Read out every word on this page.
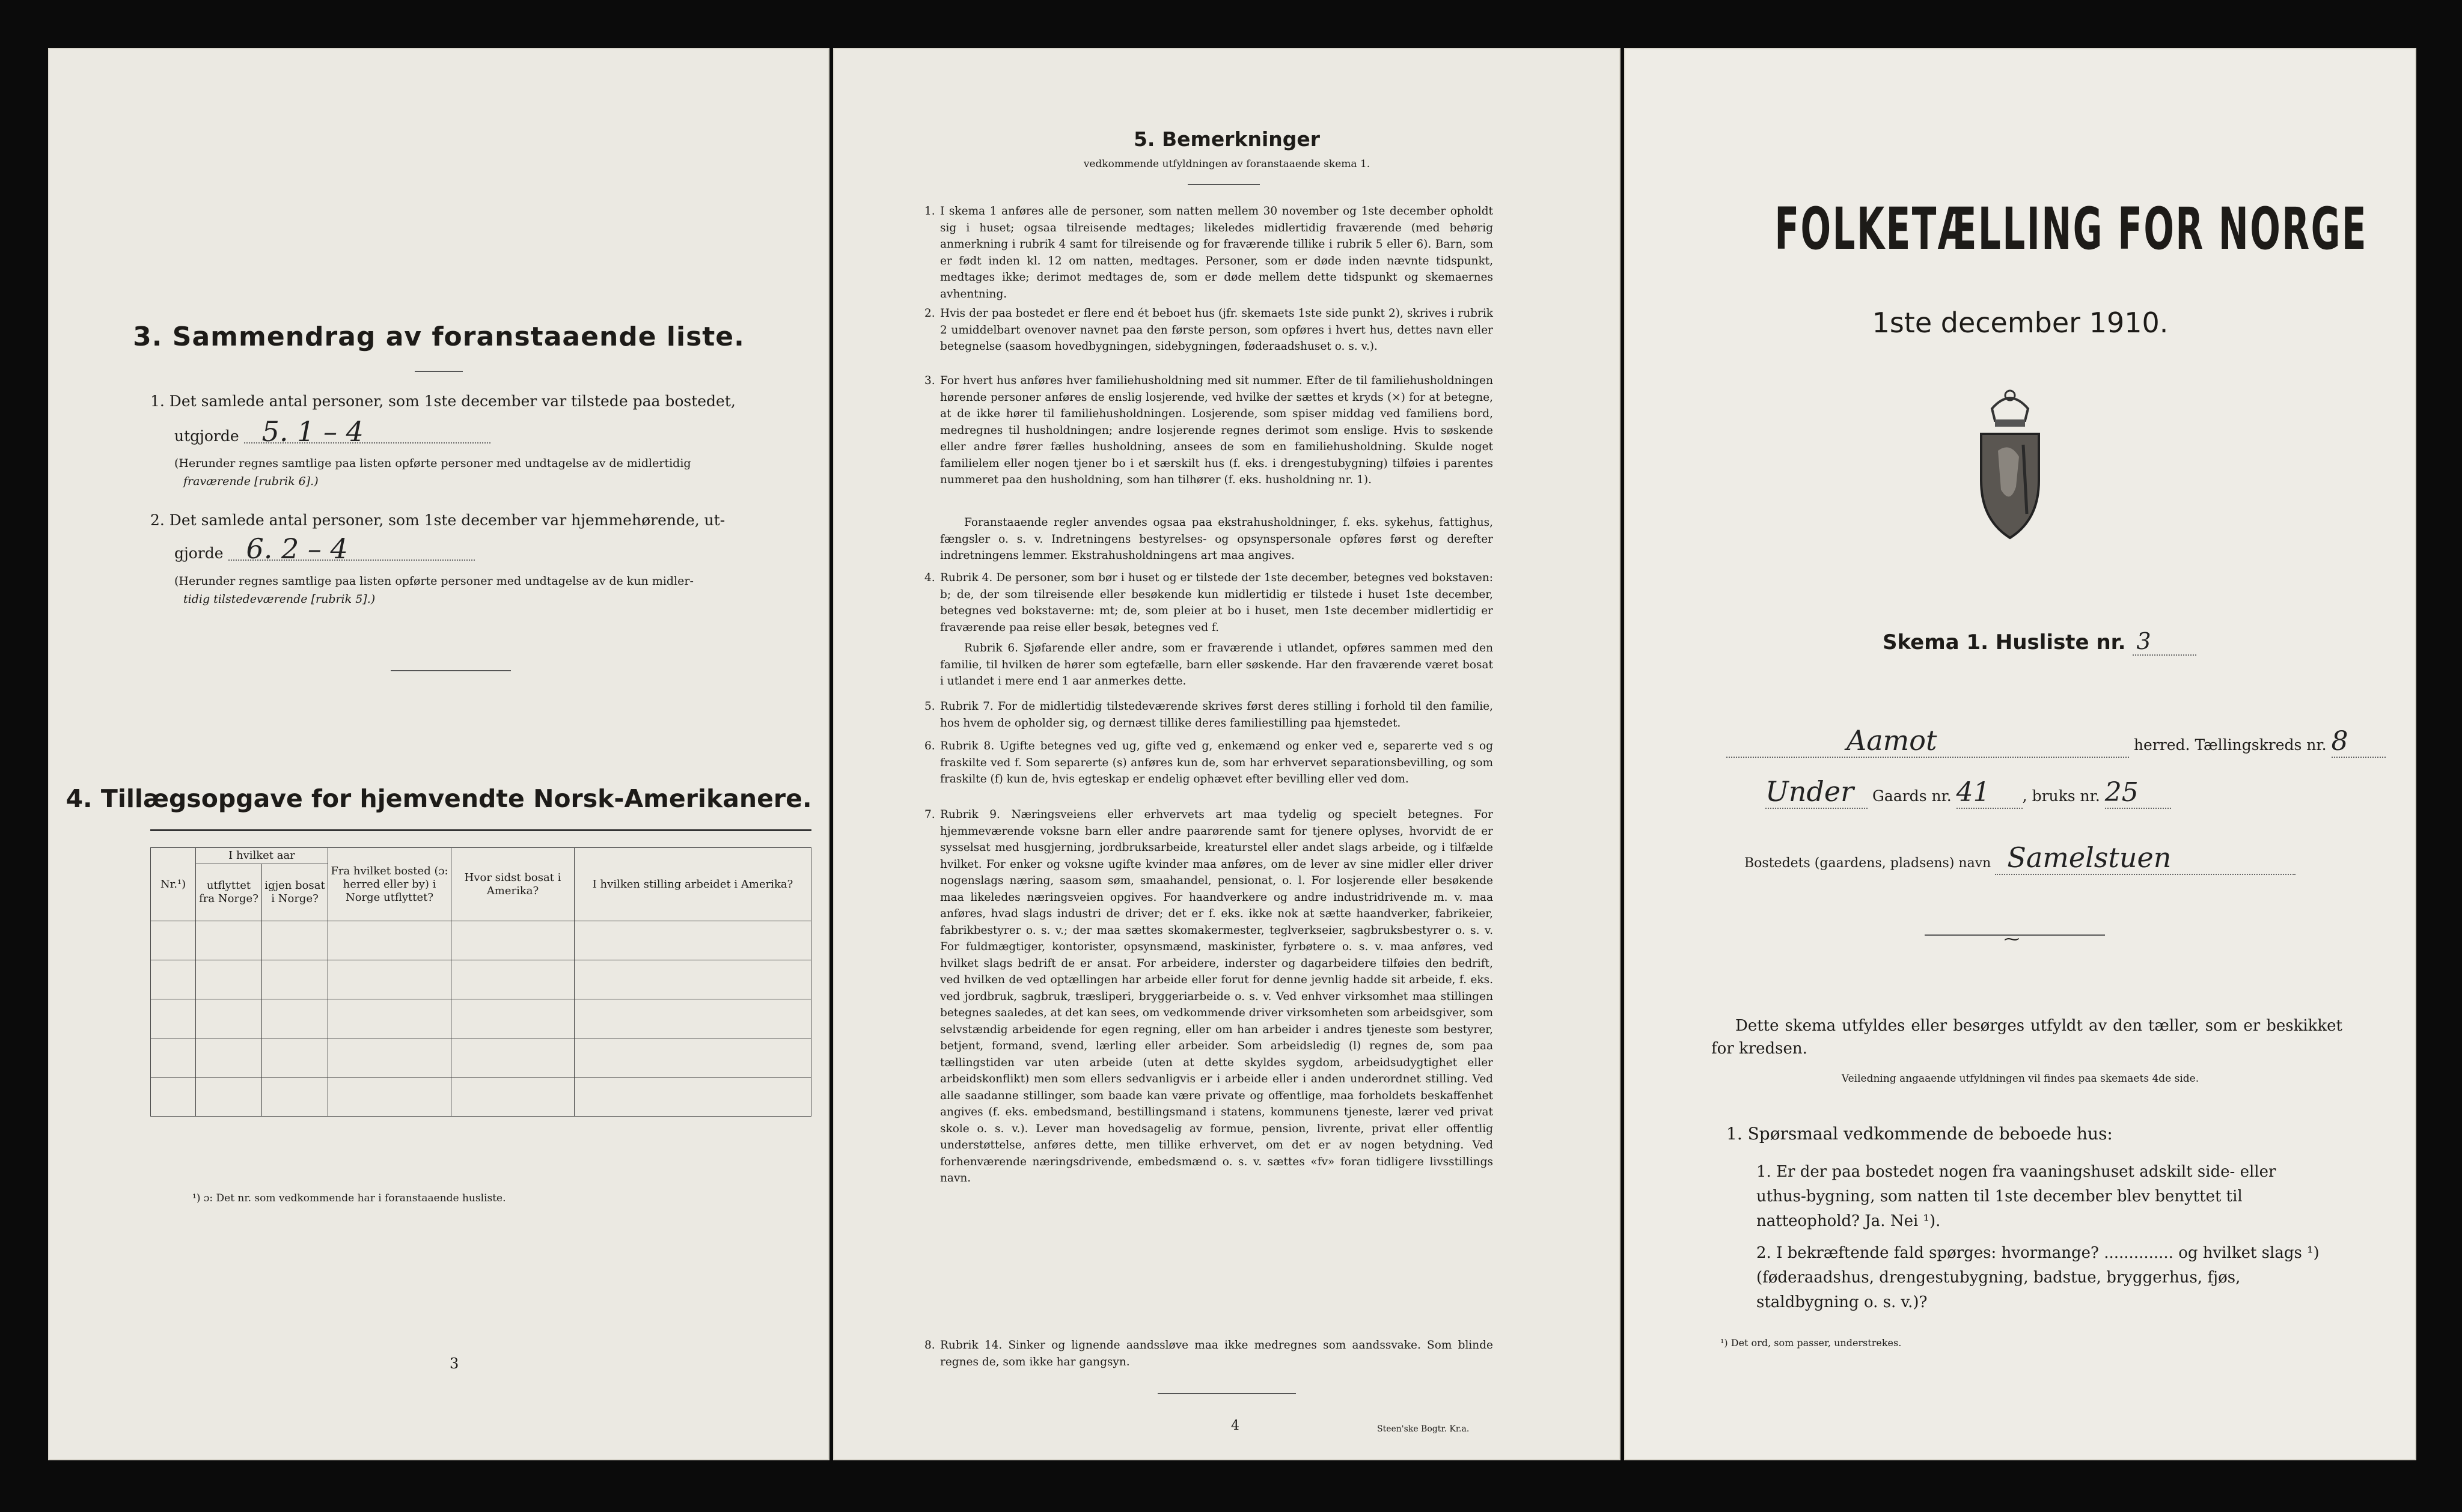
3. Sammendrag av foranstaaende liste.
1. Det samlede antal personer, som 1ste december var tilstede paa bostedet,
utgjorde 5. 1 – 4
(Herunder regnes samtlige paa listen opførte personer med undtagelse av de midlertidig
fraværende [rubrik 6].)
2. Det samlede antal personer, som 1ste december var hjemmehørende, ut-
gjorde 6. 2 – 4
(Herunder regnes samtlige paa listen opførte personer med undtagelse av de kun midler-
tidig tilstedeværende [rubrik 5].)
4. Tillægsopgave for hjemvendte Norsk-Amerikanere.
Nr.¹)	I hvilket aar		Fra hvilket bosted (ɔ: herred eller by) i Norge utflyttet?	Hvor sidst bosat i Amerika?	I hvilken stilling arbeidet i Amerika?
	utflyttet fra Norge?	igjen bosat i Norge?			

¹) ɔ: Det nr. som vedkommende har i foranstaaende husliste.
3
5. Bemerkninger
vedkommende utfyldningen av foranstaaende skema 1.
1. I skema 1 anføres alle de personer, som natten mellem 30 november og 1ste december opholdt sig i huset; ogsaa tilreisende medtages; likeledes midlertidig fraværende (med behørig anmerkning i rubrik 4 samt for tilreisende og for fraværende tillike i rubrik 5 eller 6). Barn, som er født inden kl. 12 om natten, medtages. Personer, som er døde inden nævnte tidspunkt, medtages ikke; derimot medtages de, som er døde mellem dette tidspunkt og skemaernes avhentning.
2. Hvis der paa bostedet er flere end ét beboet hus (jfr. skemaets 1ste side punkt 2), skrives i rubrik 2 umiddelbart ovenover navnet paa den første person, som opføres i hvert hus, dettes navn eller betegnelse (saasom hovedbygningen, sidebygningen, føderaadshuset o. s. v.).
3. For hvert hus anføres hver familiehusholdning med sit nummer. Efter de til familiehusholdningen hørende personer anføres de enslig losjerende, ved hvilke der sættes et kryds (×) for at betegne, at de ikke hører til familiehusholdningen. Losjerende, som spiser middag ved familiens bord, medregnes til husholdningen; andre losjerende regnes derimot som enslige. Hvis to søskende eller andre fører fælles husholdning, ansees de som en familiehusholdning. Skulde noget familielem eller nogen tjener bo i et særskilt hus (f. eks. i drengestubygning) tilføies i parentes nummeret paa den husholdning, som han tilhører (f. eks. husholdning nr. 1).
Foranstaaende regler anvendes ogsaa paa ekstrahusholdninger, f. eks. sykehus, fattighus, fængsler o. s. v. Indretningens bestyrelses- og opsynspersonale opføres først og derefter indretningens lemmer. Ekstrahusholdningens art maa angives.
4. Rubrik 4. De personer, som bør i huset og er tilstede der 1ste december, betegnes ved bokstaven: b; de, der som tilreisende eller besøkende kun midlertidig er tilstede i huset 1ste december, betegnes ved bokstaverne: mt; de, som pleier at bo i huset, men 1ste december midlertidig er fraværende paa reise eller besøk, betegnes ved f.
Rubrik 6. Sjøfarende eller andre, som er fraværende i utlandet, opføres sammen med den familie, til hvilken de hører som egtefælle, barn eller søskende. Har den fraværende været bosat i utlandet i mere end 1 aar anmerkes dette.
5. Rubrik 7. For de midlertidig tilstedeværende skrives først deres stilling i forhold til den familie, hos hvem de opholder sig, og dernæst tillike deres familiestilling paa hjemstedet.
6. Rubrik 8. Ugifte betegnes ved ug, gifte ved g, enkemænd og enker ved e, separerte ved s og fraskilte ved f. Som separerte (s) anføres kun de, som har erhvervet separationsbevilling, og som fraskilte (f) kun de, hvis egteskap er endelig ophævet efter bevilling eller ved dom.
7. Rubrik 9. Næringsveiens eller erhvervets art maa tydelig og specielt betegnes. For hjemmeværende voksne barn eller andre paarørende samt for tjenere oplyses, hvorvidt de er sysselsat med husgjerning, jordbruksarbeide, kreaturstel eller andet slags arbeide, og i tilfælde hvilket. For enker og voksne ugifte kvinder maa anføres, om de lever av sine midler eller driver nogenslags næring, saasom søm, smaahandel, pensionat, o. l. For losjerende eller besøkende maa likeledes næringsveien opgives. For haandverkere og andre industridrivende m. v. maa anføres, hvad slags industri de driver; det er f. eks. ikke nok at sætte haandverker, fabrikeier, fabrikbestyrer o. s. v.; der maa sættes skomakermester, teglverkseier, sagbruksbestyrer o. s. v. For fuldmægtiger, kontorister, opsynsmænd, maskinister, fyrbøtere o. s. v. maa anføres, ved hvilket slags bedrift de er ansat. For arbeidere, inderster og dagarbeidere tilføies den bedrift, ved hvilken de ved optællingen har arbeide eller forut for denne jevnlig hadde sit arbeide, f. eks. ved jordbruk, sagbruk, træsliperi, bryggeriarbeide o. s. v. Ved enhver virksomhet maa stillingen betegnes saaledes, at det kan sees, om vedkommende driver virksomheten som arbeidsgiver, som selvstændig arbeidende for egen regning, eller om han arbeider i andres tjeneste som bestyrer, betjent, formand, svend, lærling eller arbeider. Som arbeidsledig (l) regnes de, som paa tællingstiden var uten arbeide (uten at dette skyldes sygdom, arbeidsudygtighet eller arbeidskonflikt) men som ellers sedvanligvis er i arbeide eller i anden underordnet stilling. Ved alle saadanne stillinger, som baade kan være private og offentlige, maa forholdets beskaffenhet angives (f. eks. embedsmand, bestillingsmand i statens, kommunens tjeneste, lærer ved privat skole o. s. v.). Lever man hovedsagelig av formue, pension, livrente, privat eller offentlig understøttelse, anføres dette, men tillike erhvervet, om det er av nogen betydning. Ved forhenværende næringsdrivende, embedsmænd o. s. v. sættes «fv» foran tidligere livsstillings navn.
8. Rubrik 14. Sinker og lignende aandssløve maa ikke medregnes som aandssvake. Som blinde regnes de, som ikke har gangsyn.
4	Steen'ske Bogtr. Kr.a.
FOLKETÆLLING FOR NORGE
1ste december 1910.
Skema 1. Husliste nr. 3
Aamot	herred. Tællingskreds nr. 8
Under Gaards nr. 41 , bruks nr. 25
Bostedets (gaardens, pladsens) navn Samelstuen
⁓
Dette skema utfyldes eller besørges utfyldt av den tæller, som er beskikket for kredsen.
Veiledning angaaende utfyldningen vil findes paa skemaets 4de side.
1. Spørsmaal vedkommende de beboede hus:
1. Er der paa bostedet nogen fra vaaningshuset adskilt side- eller uthus-bygning, som natten til 1ste december blev benyttet til natteophold? Ja. Nei ¹).
2. I bekræftende fald spørges: hvormange? .............. og hvilket slags ¹) (føderaadshus, drengestubygning, badstue, bryggerhus, fjøs, staldbygning o. s. v.)?
¹) Det ord, som passer, understrekes.
